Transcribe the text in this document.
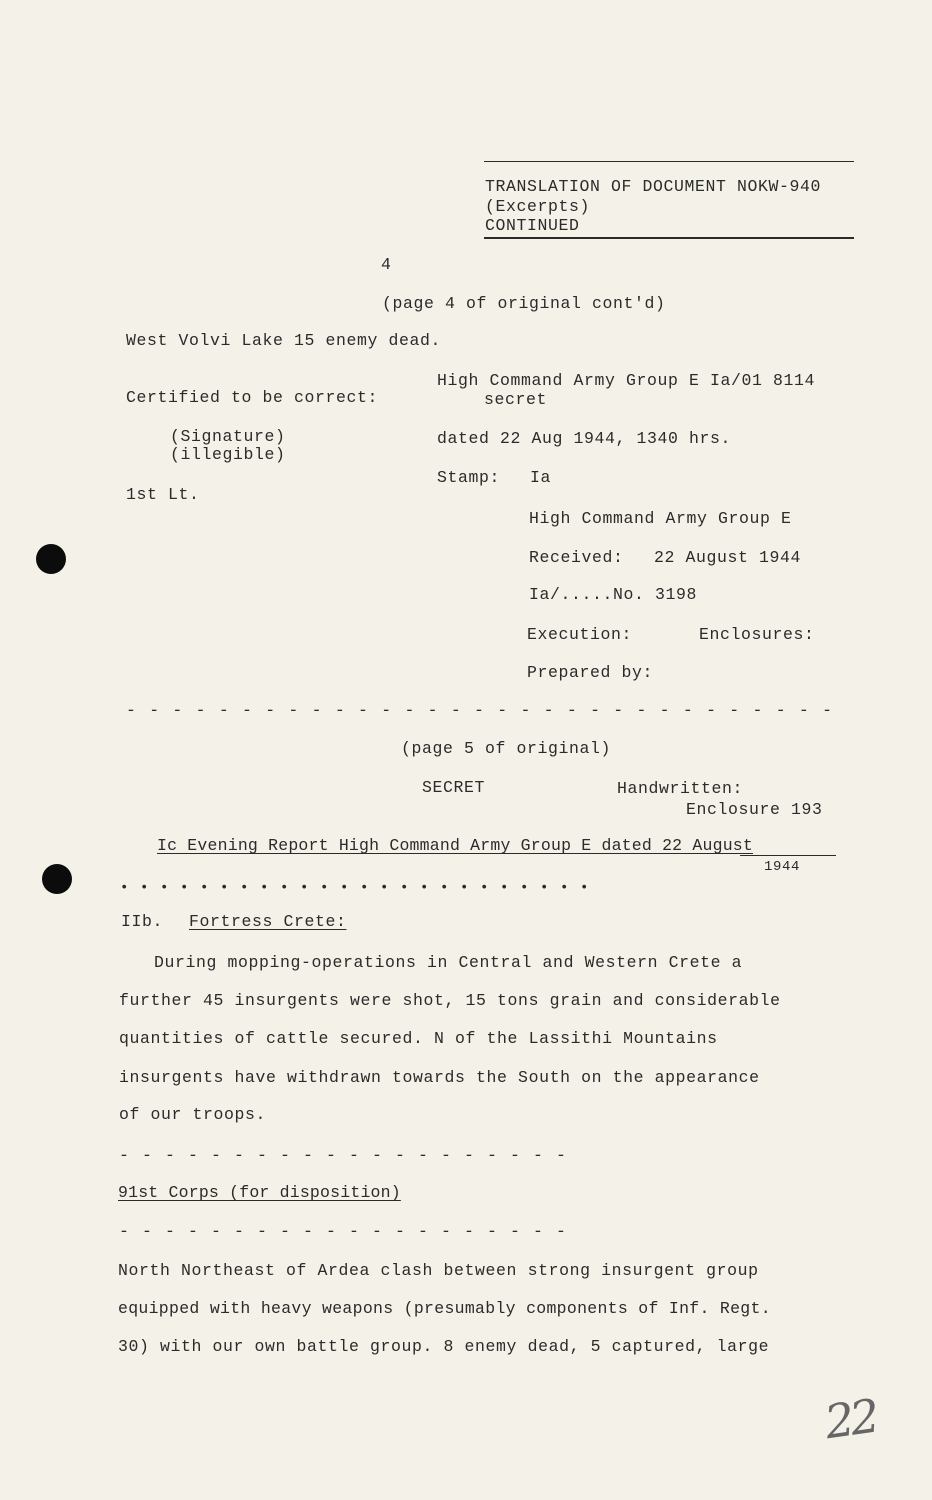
TRANSLATION OF DOCUMENT NOKW-940
(Excerpts)
CONTINUED
4
(page 4 of original cont'd)
West Volvi Lake 15 enemy dead.
Certified to be correct:
(Signature)
(illegible)
1st Lt.
High Command Army Group E Ia/01 8114
secret
dated 22 Aug 1944, 1340 hrs.
Stamp: Ia
High Command Army Group E
Received: 22 August 1944
Ia/.....No. 3198
Execution:	Enclosures:
Prepared by:
- - - - - - - - - - - - - - - - - - - - - - - - - - - - - - -
(page 5 of original)
SECRET	Handwritten:
Enclosure 193
Ic Evening Report High Command Army Group E dated 22 August
1944
• • • • • • • • • • • • • • • • • • • • • • • •
IIb. Fortress Crete:
During mopping-operations in Central and Western Crete a
further 45 insurgents were shot, 15 tons grain and considerable
quantities of cattle secured. N of the Lassithi Mountains
insurgents have withdrawn towards the South on the appearance
of our troops.
- - - - - - - - - - - - - - - - - - - -
91st Corps (for disposition)
- - - - - - - - - - - - - - - - - - - -
North Northeast of Ardea clash between strong insurgent group
equipped with heavy weapons (presumably components of Inf. Regt.
30) with our own battle group. 8 enemy dead, 5 captured, large
22
